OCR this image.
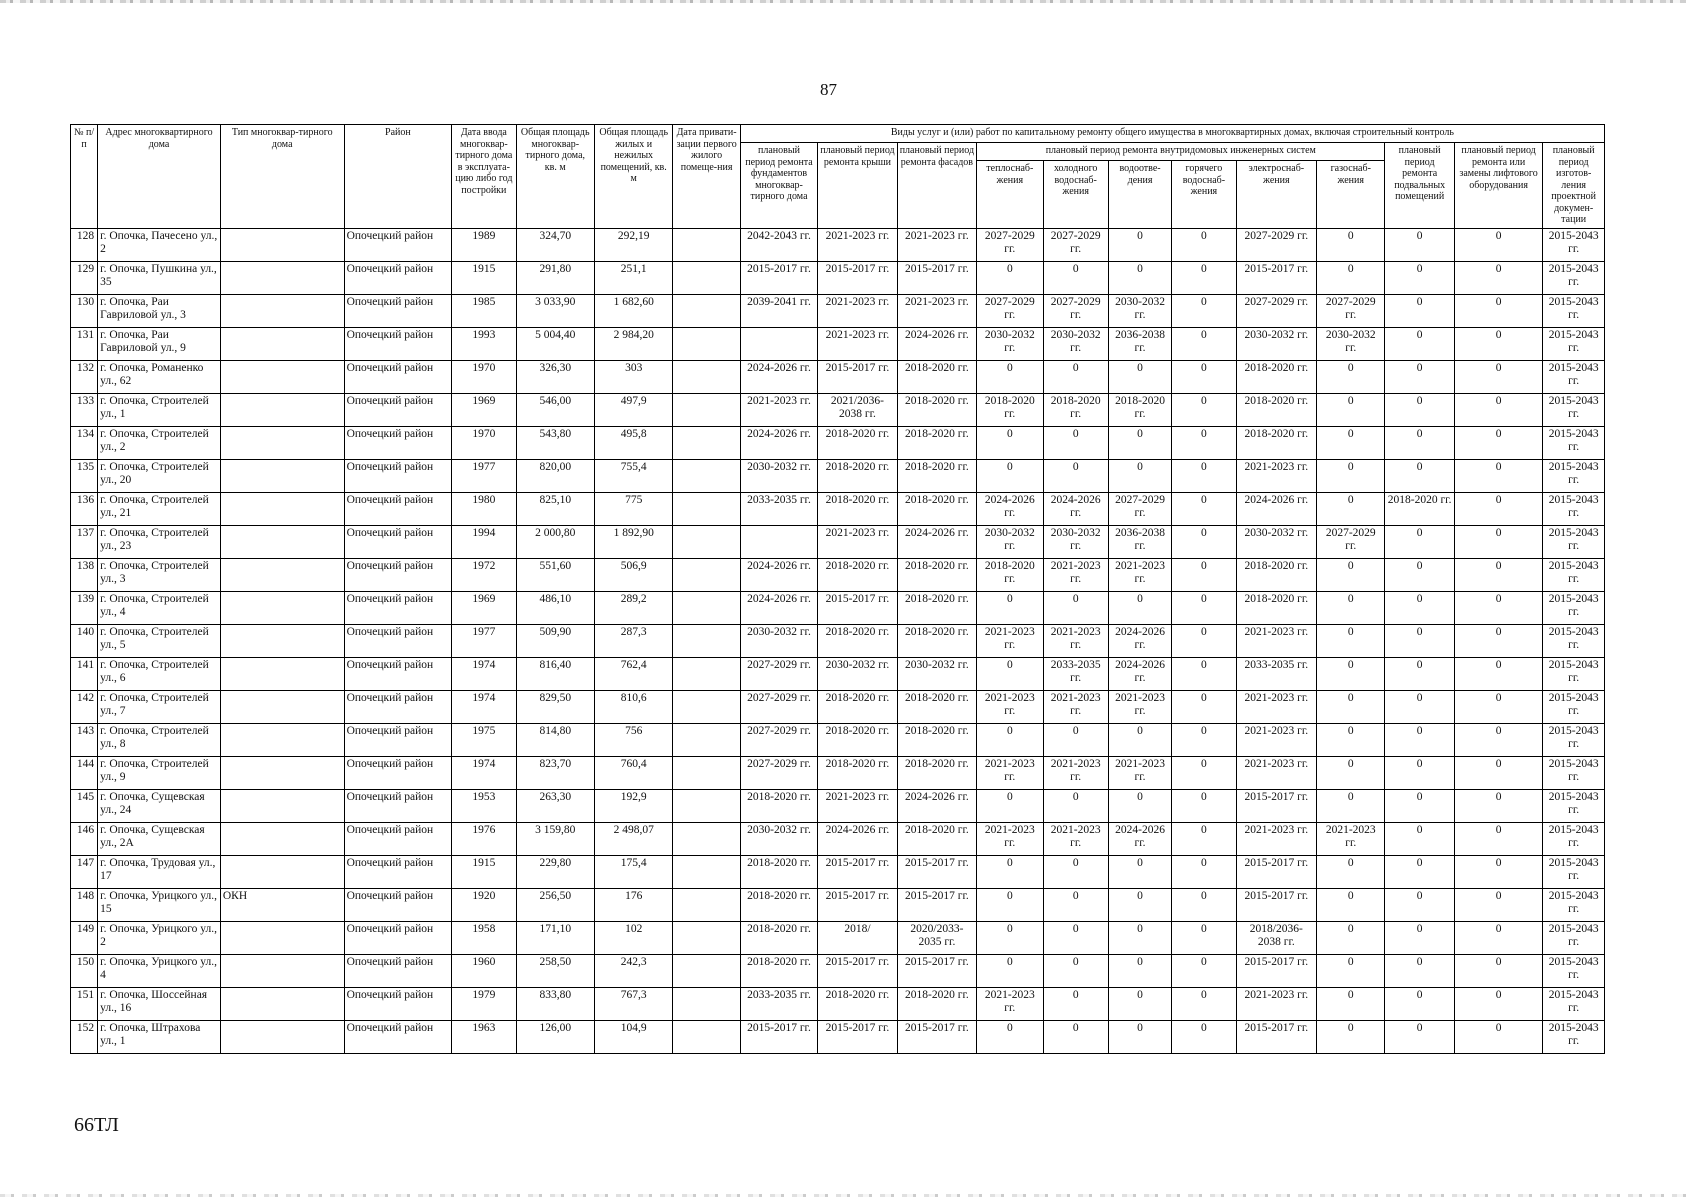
87
№ п/п	Адрес многоквартирного дома	Тип многоквар-тирного дома	Район	Дата ввода многоквар-тирного дома в эксплуата-цию либо год постройки	Общая площадь многоквар-тирного дома, кв. м	Общая площадь жилых и нежилых помещений, кв. м	Дата привати-зации первого жилого помеще-ния	Виды услуг и (или) работ по капитальному ремонту общего имущества в многоквартирных домах, включая строительный контроль											
								плановый период ремонта фундаментов многоквар-тирного дома	плановый период ремонта крыши	плановый период ремонта фасадов	плановый период ремонта внутридомовых инженерных систем						плановый период ремонта подвальных помещений	плановый период ремонта или замены лифтового оборудования	плановый период изготов-ления проектной докумен-тации
											теплоснаб-жения	холодного водоснаб-жения	водоотве-дения	горячего водоснаб-жения	электроснаб-жения	газоснаб-жения			
128	г. Опочка, Пачесено ул., 2		Опочецкий район	1989	324,70	292,19		2042-2043 гг.	2021-2023 гг.	2021-2023 гг.	2027-2029 гг.	2027-2029 гг.	0	0	2027-2029 гг.	0	0	0	2015-2043 гг.
129	г. Опочка, Пушкина ул., 35		Опочецкий район	1915	291,80	251,1		2015-2017 гг.	2015-2017 гг.	2015-2017 гг.	0	0	0	0	2015-2017 гг.	0	0	0	2015-2043 гг.
130	г. Опочка, Раи Гавриловой ул., 3		Опочецкий район	1985	3 033,90	1 682,60		2039-2041 гг.	2021-2023 гг.	2021-2023 гг.	2027-2029 гг.	2027-2029 гг.	2030-2032 гг.	0	2027-2029 гг.	2027-2029 гг.	0	0	2015-2043 гг.
131	г. Опочка, Раи Гавриловой ул., 9		Опочецкий район	1993	5 004,40	2 984,20			2021-2023 гг.	2024-2026 гг.	2030-2032 гг.	2030-2032 гг.	2036-2038 гг.	0	2030-2032 гг.	2030-2032 гг.	0	0	2015-2043 гг.
132	г. Опочка, Романенко ул., 62		Опочецкий район	1970	326,30	303		2024-2026 гг.	2015-2017 гг.	2018-2020 гг.	0	0	0	0	2018-2020 гг.	0	0	0	2015-2043 гг.
133	г. Опочка, Строителей ул., 1		Опочецкий район	1969	546,00	497,9		2021-2023 гг.	2021/2036-2038 гг.	2018-2020 гг.	2018-2020 гг.	2018-2020 гг.	2018-2020 гг.	0	2018-2020 гг.	0	0	0	2015-2043 гг.
134	г. Опочка, Строителей ул., 2		Опочецкий район	1970	543,80	495,8		2024-2026 гг.	2018-2020 гг.	2018-2020 гг.	0	0	0	0	2018-2020 гг.	0	0	0	2015-2043 гг.
135	г. Опочка, Строителей ул., 20		Опочецкий район	1977	820,00	755,4		2030-2032 гг.	2018-2020 гг.	2018-2020 гг.	0	0	0	0	2021-2023 гг.	0	0	0	2015-2043 гг.
136	г. Опочка, Строителей ул., 21		Опочецкий район	1980	825,10	775		2033-2035 гг.	2018-2020 гг.	2018-2020 гг.	2024-2026 гг.	2024-2026 гг.	2027-2029 гг.	0	2024-2026 гг.	0	2018-2020 гг.	0	2015-2043 гг.
137	г. Опочка, Строителей ул., 23		Опочецкий район	1994	2 000,80	1 892,90			2021-2023 гг.	2024-2026 гг.	2030-2032 гг.	2030-2032 гг.	2036-2038 гг.	0	2030-2032 гг.	2027-2029 гг.	0	0	2015-2043 гг.
138	г. Опочка, Строителей ул., 3		Опочецкий район	1972	551,60	506,9		2024-2026 гг.	2018-2020 гг.	2018-2020 гг.	2018-2020 гг.	2021-2023 гг.	2021-2023 гг.	0	2018-2020 гг.	0	0	0	2015-2043 гг.
139	г. Опочка, Строителей ул., 4		Опочецкий район	1969	486,10	289,2		2024-2026 гг.	2015-2017 гг.	2018-2020 гг.	0	0	0	0	2018-2020 гг.	0	0	0	2015-2043 гг.
140	г. Опочка, Строителей ул., 5		Опочецкий район	1977	509,90	287,3		2030-2032 гг.	2018-2020 гг.	2018-2020 гг.	2021-2023 гг.	2021-2023 гг.	2024-2026 гг.	0	2021-2023 гг.	0	0	0	2015-2043 гг.
141	г. Опочка, Строителей ул., 6		Опочецкий район	1974	816,40	762,4		2027-2029 гг.	2030-2032 гг.	2030-2032 гг.	0	2033-2035 гг.	2024-2026 гг.	0	2033-2035 гг.	0	0	0	2015-2043 гг.
142	г. Опочка, Строителей ул., 7		Опочецкий район	1974	829,50	810,6		2027-2029 гг.	2018-2020 гг.	2018-2020 гг.	2021-2023 гг.	2021-2023 гг.	2021-2023 гг.	0	2021-2023 гг.	0	0	0	2015-2043 гг.
143	г. Опочка, Строителей ул., 8		Опочецкий район	1975	814,80	756		2027-2029 гг.	2018-2020 гг.	2018-2020 гг.	0	0	0	0	2021-2023 гг.	0	0	0	2015-2043 гг.
144	г. Опочка, Строителей ул., 9		Опочецкий район	1974	823,70	760,4		2027-2029 гг.	2018-2020 гг.	2018-2020 гг.	2021-2023 гг.	2021-2023 гг.	2021-2023 гг.	0	2021-2023 гг.	0	0	0	2015-2043 гг.
145	г. Опочка, Сущевская ул., 24		Опочецкий район	1953	263,30	192,9		2018-2020 гг.	2021-2023 гг.	2024-2026 гг.	0	0	0	0	2015-2017 гг.	0	0	0	2015-2043 гг.
146	г. Опочка, Сущевская ул., 2А		Опочецкий район	1976	3 159,80	2 498,07		2030-2032 гг.	2024-2026 гг.	2018-2020 гг.	2021-2023 гг.	2021-2023 гг.	2024-2026 гг.	0	2021-2023 гг.	2021-2023 гг.	0	0	2015-2043 гг.
147	г. Опочка, Трудовая ул., 17		Опочецкий район	1915	229,80	175,4		2018-2020 гг.	2015-2017 гг.	2015-2017 гг.	0	0	0	0	2015-2017 гг.	0	0	0	2015-2043 гг.
148	г. Опочка, Урицкого ул., 15	ОКН	Опочецкий район	1920	256,50	176		2018-2020 гг.	2015-2017 гг.	2015-2017 гг.	0	0	0	0	2015-2017 гг.	0	0	0	2015-2043 гг.
149	г. Опочка, Урицкого ул., 2		Опочецкий район	1958	171,10	102		2018-2020 гг.	2018/	2020/2033-2035 гг.	0	0	0	0	2018/2036-2038 гг.	0	0	0	2015-2043 гг.
150	г. Опочка, Урицкого ул., 4		Опочецкий район	1960	258,50	242,3		2018-2020 гг.	2015-2017 гг.	2015-2017 гг.	0	0	0	0	2015-2017 гг.	0	0	0	2015-2043 гг.
151	г. Опочка, Шоссейная ул., 16		Опочецкий район	1979	833,80	767,3		2033-2035 гг.	2018-2020 гг.	2018-2020 гг.	2021-2023 гг.	0	0	0	2021-2023 гг.	0	0	0	2015-2043 гг.
152	г. Опочка, Штрахова ул., 1		Опочецкий район	1963	126,00	104,9		2015-2017 гг.	2015-2017 гг.	2015-2017 гг.	0	0	0	0	2015-2017 гг.	0	0	0	2015-2043 гг.
66ТЛ
